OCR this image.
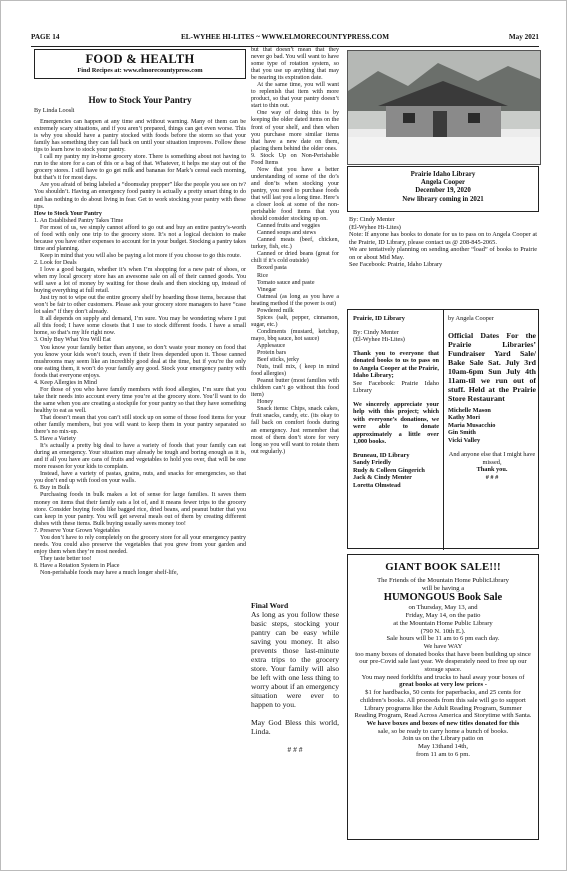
PAGE 14	EL-WYHEE HI-LITES ~ WWW.ELMORECOUNTYPRESS.COM	May 2021
FOOD & HEALTH
Find Recipes at: www.elmorecountypress.com
How to Stock Your Pantry
By Linda Loosli

Emergencies can happen at any time and without warning. Many of them can be extremely scary situations, and if you aren’t prepared, things can get even worse. This is why you should have a pantry stocked with foods before the storm so that your family has something they can fall back on until your situation improves. Follow these tips to learn how to stock your pantry.

I call my pantry my in-home grocery store. There is something about not having to run to the store for a can of this or a bag of that. Whatever, it helps me stay out of the grocery stores. I still have to go get milk and bananas for Mark’s cereal each morning, but that’s it for most days.

Are you afraid of being labeled a “doomsday prepper” like the people you see on tv? You shouldn’t. Having an emergency food pantry is actually a pretty smart thing to do and has nothing to do about living in fear. Get to work stocking your pantry with these tips.

How to Stock Your Pantry

1. An Established Pantry Takes Time

For most of us, we simply cannot afford to go out and buy an entire pantry’s-worth of food with only one trip to the grocery store. It’s not a logical decision to make because you have other expenses to account for in your budget. Stocking a pantry takes time and planning.

Keep in mind that you will also be paying a lot more if you choose to go this route.

2. Look for Deals

I love a good bargain, whether it’s when I’m shopping for a new pair of shoes, or when my local grocery store has an awesome sale on all of their canned goods. You will save a lot of money by waiting for those deals and then stocking up, instead of buying everything at full retail.

Just try not to wipe out the entire grocery shelf by hoarding those items, because that won’t be fair to other customers. Please ask your grocery store managers to have “case lot sales” if they don’t already.

It all depends on supply and demand, I’m sure. You may be wondering where I put all this food; I have some closets that I use to stock different foods. I have a small home, so that’s my life right now.

3. Only Buy What You Will Eat

You know your family better than anyone, so don’t waste your money on food that you know your kids won’t touch, even if their lives depended upon it. Those canned mushrooms may seem like an incredibly good deal at the time, but if you’re the only one eating them, it won’t do your family any good. Stock your emergency pantry with foods that everyone enjoys.

4. Keep Allergies in Mind

For those of you who have family members with food allergies, I’m sure that you take their needs into account every time you’re at the grocery store. You’ll want to do the same when you are creating a stockpile for your pantry so that they have something healthy to eat as well.

That doesn’t mean that you can’t still stock up on some of those food items for your other family members, but you will want to keep them in your pantry separated so there’s no mix-up.

5. Have a Variety

It’s actually a pretty big deal to have a variety of foods that your family can eat during an emergency. Your situation may already be tough and boring enough as it is, and if all you have are cans of fruits and vegetables to hold you over, that will be one more reason for your kids to complain.

Instead, have a variety of pastas, grains, nuts, and snacks for emergencies, so that you don’t end up with food on your walls.

6. Buy in Bulk

Purchasing foods in bulk makes a lot of sense for large families. It saves them money on items that their family eats a lot of, and it means fewer trips to the grocery store. Consider buying foods like bagged rice, dried beans, and peanut butter that you can keep in your pantry. You will get several meals out of them by creating different dishes with these items. Bulk buying usually saves money too!

7. Preserve Your Grown Vegetables

You don’t have to rely completely on the grocery store for all your emergency pantry needs. You could also preserve the vegetables that you grew from your garden and enjoy them when they’re most needed.

They taste better too!

8. Have a Rotation System in Place

Non-perishable foods may have a much longer shelf-life,

but that doesn’t mean that they never go bad. You will want to have some type of rotation system, so that you use up anything that may be nearing its expiration date.

At the same time, you will want to replenish that item with more product, so that your pantry doesn’t start to thin out.

One way of doing this is by keeping the older dated items on the front of your shelf, and then when you purchase more similar items that have a new date on them, placing them behind the older ones.

9. Stock Up on Non-Perishable Food Items

Now that you have a better understanding of some of the do’s and don’ts when stocking your pantry, you need to purchase foods that will last you a long time. Here’s a closer look at some of the non-perishable food items that you should consider stocking up on.

Canned fruits and veggies

Canned soups and stews

Canned meats (beef, chicken, turkey, fish, etc.)

Canned or dried beans (great for chili if it’s cold outside)

Boxed pasta

Rice

Tomato sauce and paste

Vinegar

Oatmeal (as long as you have a heating method if the power is out)

Powdered milk

Spices (salt, pepper, cinnamon, sugar, etc.)

Condiments (mustard, ketchup, mayo, bbq sauce, hot sauce)

Applesauce

Protein bars

Beef sticks, jerky

Nuts, trail mix, ( keep in mind food allergies)

Peanut butter (most families with children can’t go without this food item)

Honey

Snack items: Chips, snack cakes, fruit snacks, candy, etc. (its okay to fall back on comfort foods during an emergency. Just remember that most of them don’t store for very long so you will want to rotate them out regularly.)

Final Word

As long as you follow these basic steps, stocking your pantry can be easy while saving you money. It also prevents those last-minute extra trips to the grocery store. Your family will also be left with one less thing to worry about if an emergency situation were ever to happen to you.

May God Bless this world, Linda.

# # #

Prairie Idaho Library
Angela Cooper
December 19, 2020
New library coming in 2021

By: Cindy Menter

(El-Wyhee Hi-Lites)

Note: If anyone has books to donate for us to pass on to Angela Cooper at the Prairie, ID Library, please contact us @ 208-845-2065.

We are tentatively planning on sending another “load” of books to Prairie on or about Mid May.

See Facebook: Prairie, Idaho Library

Prairie, ID Library

By: Cindy Menter

(El-Wyhee Hi-Lites)

Thank you to everyone that donated books to us to pass on to Angela Cooper at the Prairie, Idaho Library;

See Facebook: Prairie Idaho Library

We sincerely appreciate your help with this project; which with everyone’s donations, we were able to donate approximately a little over 1,000 books.

Bruneau, ID Library

Sandy Friedly

Rudy & Colleen Gingerich

Jack & Cindy Menter

Loretta Olmstead

by Angela Cooper

Official Dates For the Prairie Libraries’ Fundraiser Yard Sale/ Bake Sale Sat. July 3rd 10am-6pm Sun July 4th 11am-til we run out of stuff. Held at the Prairie Store Restaurant

Michelle Mason

Kathy Mori

Maria Musacchio

Gin Smith

Vicki Valley

And anyone else that I might have missed,

Thank you.

# # #

GIANT BOOK SALE!!!
The Friends of the Mountain Home PublicLibrary
will be having a
HUMONGOUS Book Sale
on Thursday, May 13, and
Friday, May 14, on the patio
at the Mountain Home Public Library
(790 N. 10th E.).
Sale hours will be 11 am to 6 pm each day.
We have WAY
too many boxes of donated books that have been building up since our pre-Covid sale last year. We desperately need to free up our storage space.
You may need forklifts and trucks to haul away your boxes of
great books at very low prices -
$1 for hardbacks, 50 cents for paperbacks, and 25 cents for children’s books. All proceeds from this sale will go to support Library programs like the Adult Reading Program, Summer Reading Program, Read Across America and Storytime with Santa.
We have boxes and boxes of new titles donated for this
sale, so be ready to carry home a bunch of books.
Join us on the Library patio on
May 13thand 14th,
from 11 am to 6 pm.
